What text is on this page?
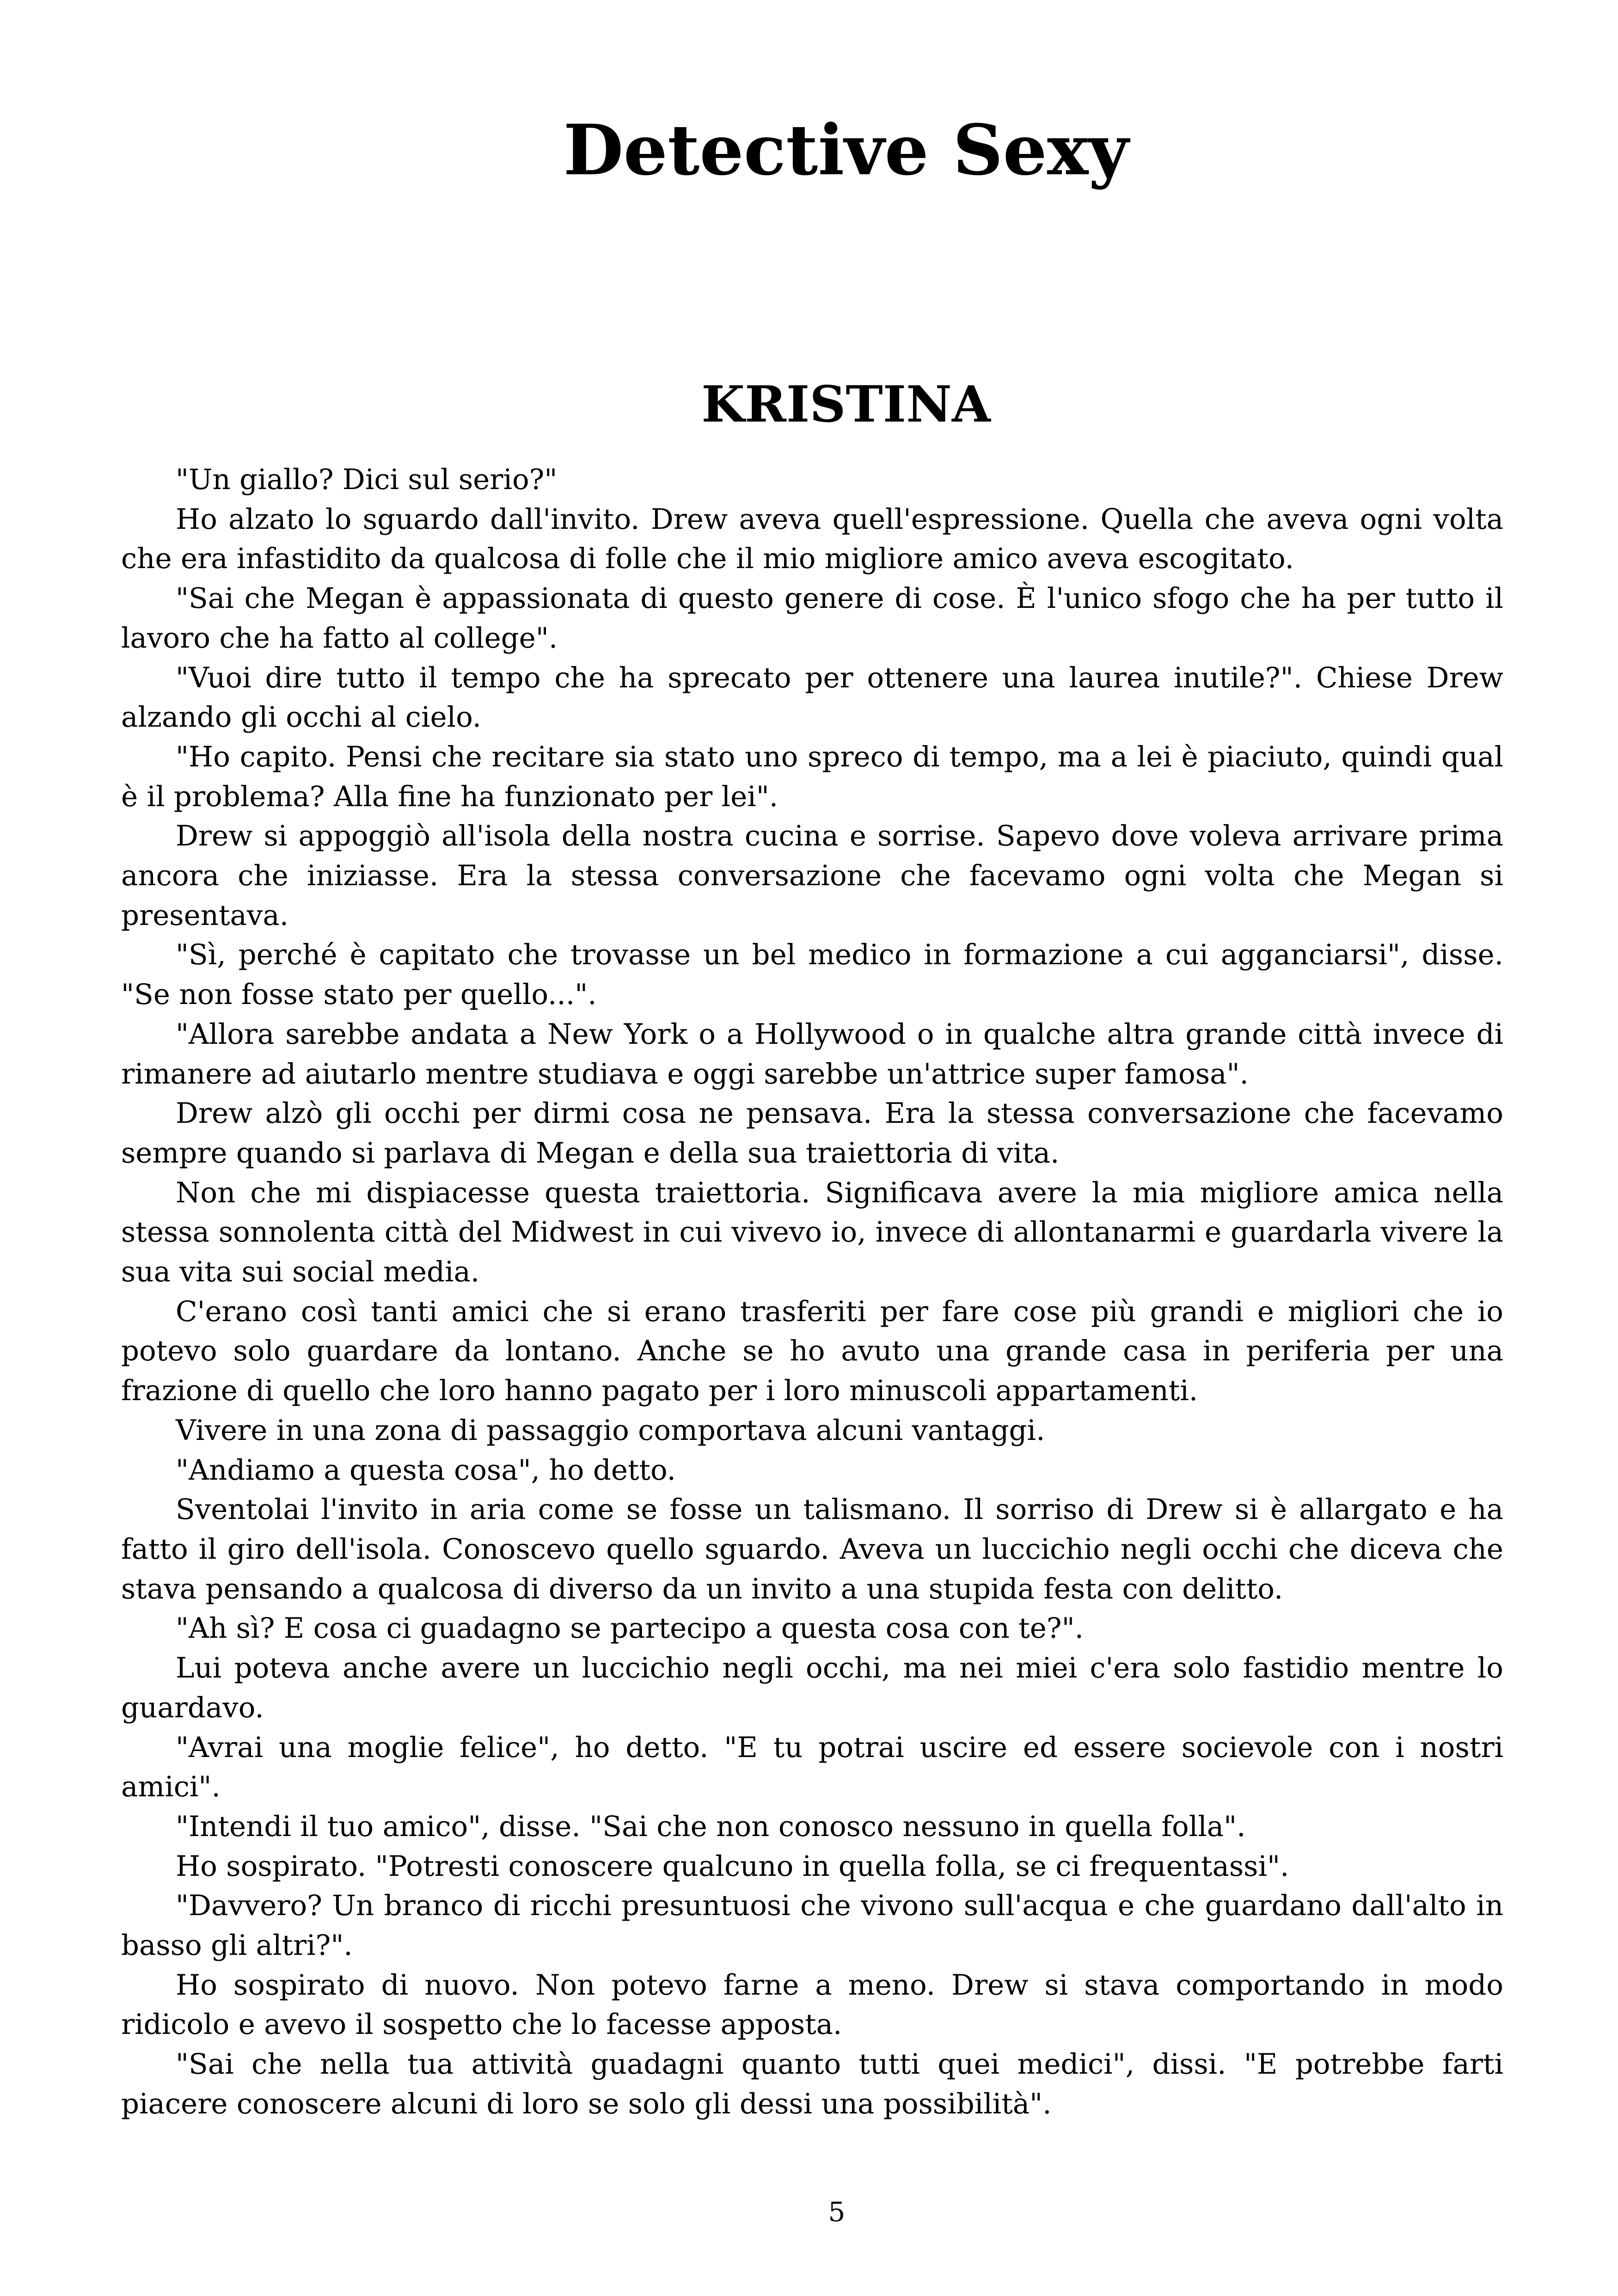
Detective Sexy
KRISTINA

"Un giallo? Dici sul serio?"

Ho alzato lo sguardo dall'invito. Drew aveva quell'espressione. Quella che aveva ogni volta che era infastidito da qualcosa di folle che il mio migliore amico aveva escogitato.

"Sai che Megan è appassionata di questo genere di cose. È l'unico sfogo che ha per tutto il lavoro che ha fatto al college".

"Vuoi dire tutto il tempo che ha sprecato per ottenere una laurea inutile?". Chiese Drew alzando gli occhi al cielo.

"Ho capito. Pensi che recitare sia stato uno spreco di tempo, ma a lei è piaciuto, quindi qual è il problema? Alla fine ha funzionato per lei".

Drew si appoggiò all'isola della nostra cucina e sorrise. Sapevo dove voleva arrivare prima ancora che iniziasse. Era la stessa conversazione che facevamo ogni volta che Megan si presentava.

"Sì, perché è capitato che trovasse un bel medico in formazione a cui agganciarsi", disse. "Se non fosse stato per quello...".

"Allora sarebbe andata a New York o a Hollywood o in qualche altra grande città invece di rimanere ad aiutarlo mentre studiava e oggi sarebbe un'attrice super famosa".

Drew alzò gli occhi per dirmi cosa ne pensava. Era la stessa conversazione che facevamo sempre quando si parlava di Megan e della sua traiettoria di vita.

Non che mi dispiacesse questa traiettoria. Significava avere la mia migliore amica nella stessa sonnolenta città del Midwest in cui vivevo io, invece di allontanarmi e guardarla vivere la sua vita sui social media.

C'erano così tanti amici che si erano trasferiti per fare cose più grandi e migliori che io potevo solo guardare da lontano. Anche se ho avuto una grande casa in periferia per una frazione di quello che loro hanno pagato per i loro minuscoli appartamenti.

Vivere in una zona di passaggio comportava alcuni vantaggi.

"Andiamo a questa cosa", ho detto.

Sventolai l'invito in aria come se fosse un talismano. Il sorriso di Drew si è allargato e ha fatto il giro dell'isola. Conoscevo quello sguardo. Aveva un luccichio negli occhi che diceva che stava pensando a qualcosa di diverso da un invito a una stupida festa con delitto.

"Ah sì? E cosa ci guadagno se partecipo a questa cosa con te?".

Lui poteva anche avere un luccichio negli occhi, ma nei miei c'era solo fastidio mentre lo guardavo.

"Avrai una moglie felice", ho detto. "E tu potrai uscire ed essere socievole con i nostri amici".

"Intendi il tuo amico", disse. "Sai che non conosco nessuno in quella folla".

Ho sospirato. "Potresti conoscere qualcuno in quella folla, se ci frequentassi".

"Davvero? Un branco di ricchi presuntuosi che vivono sull'acqua e che guardano dall'alto in basso gli altri?".

Ho sospirato di nuovo. Non potevo farne a meno. Drew si stava comportando in modo ridicolo e avevo il sospetto che lo facesse apposta.

"Sai che nella tua attività guadagni quanto tutti quei medici", dissi. "E potrebbe farti piacere conoscere alcuni di loro se solo gli dessi una possibilità".

5
